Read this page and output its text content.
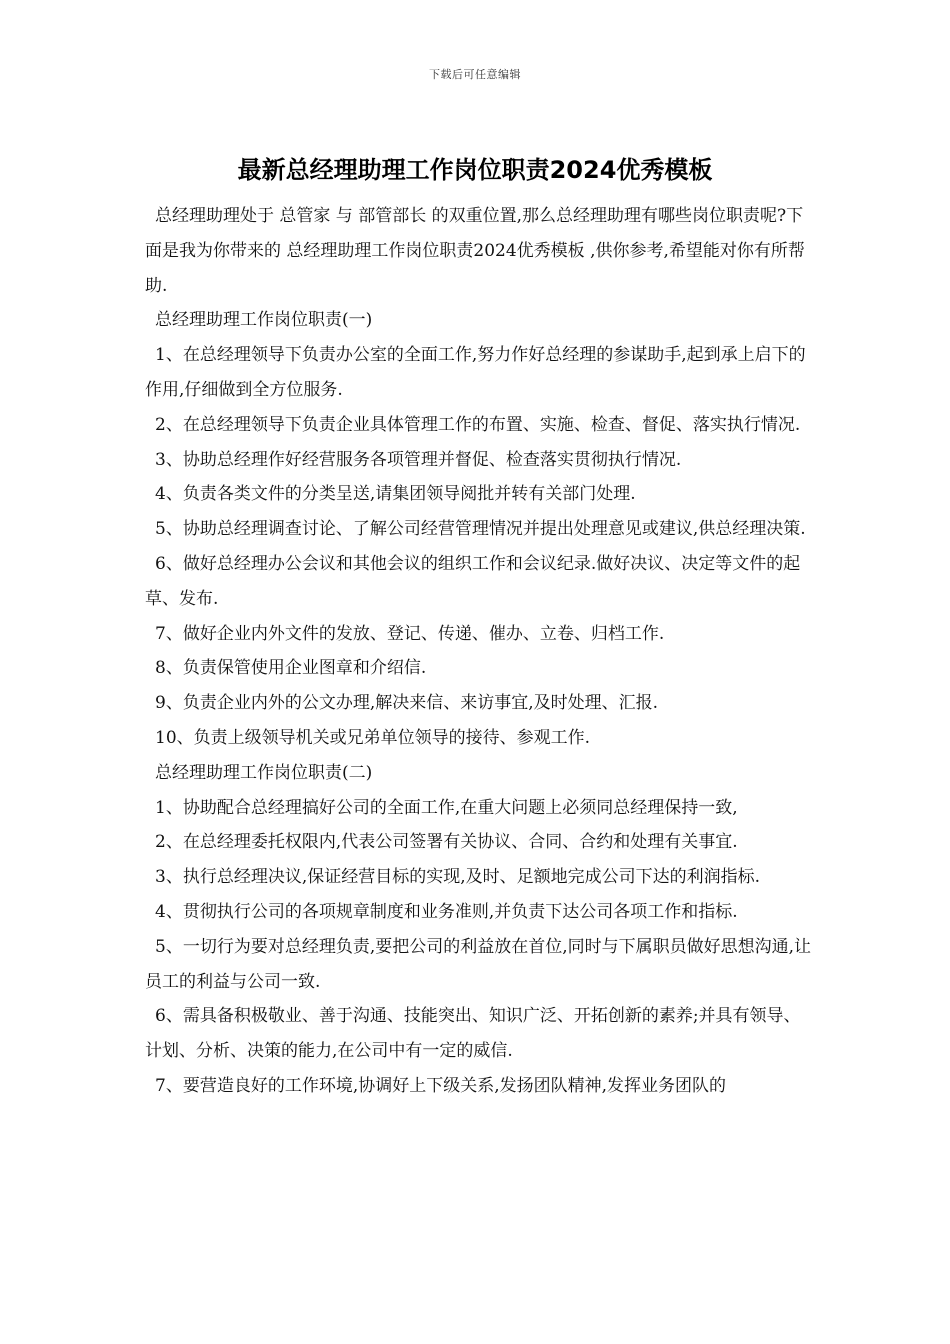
下载后可任意编辑
最新总经理助理工作岗位职责2024优秀模板

总经理助理处于 总管家 与 部管部长 的双重位置,那么总经理助理有哪些岗位职责呢?下面是我为你带来的 总经理助理工作岗位职责2024优秀模板 ,供你参考,希望能对你有所帮助.

总经理助理工作岗位职责(一)

1、在总经理领导下负责办公室的全面工作,努力作好总经理的参谋助手,起到承上启下的作用,仔细做到全方位服务.

2、在总经理领导下负责企业具体管理工作的布置、实施、检查、督促、落实执行情况.

3、协助总经理作好经营服务各项管理并督促、检查落实贯彻执行情况.

4、负责各类文件的分类呈送,请集团领导阅批并转有关部门处理.

5、协助总经理调查讨论、了解公司经营管理情况并提出处理意见或建议,供总经理决策.

6、做好总经理办公会议和其他会议的组织工作和会议纪录.做好决议、决定等文件的起草、发布.

7、做好企业内外文件的发放、登记、传递、催办、立卷、归档工作.

8、负责保管使用企业图章和介绍信.

9、负责企业内外的公文办理,解决来信、来访事宜,及时处理、汇报.

10、负责上级领导机关或兄弟单位领导的接待、参观工作.

总经理助理工作岗位职责(二)

1、协助配合总经理搞好公司的全面工作,在重大问题上必须同总经理保持一致,

2、在总经理委托权限内,代表公司签署有关协议、合同、合约和处理有关事宜.

3、执行总经理决议,保证经营目标的实现,及时、足额地完成公司下达的利润指标.

4、贯彻执行公司的各项规章制度和业务准则,并负责下达公司各项工作和指标.

5、一切行为要对总经理负责,要把公司的利益放在首位,同时与下属职员做好思想沟通,让员工的利益与公司一致.

6、需具备积极敬业、善于沟通、技能突出、知识广泛、开拓创新的素养;并具有领导、计划、分析、决策的能力,在公司中有一定的威信.

7、要营造良好的工作环境,协调好上下级关系,发扬团队精神,发挥业务团队的
